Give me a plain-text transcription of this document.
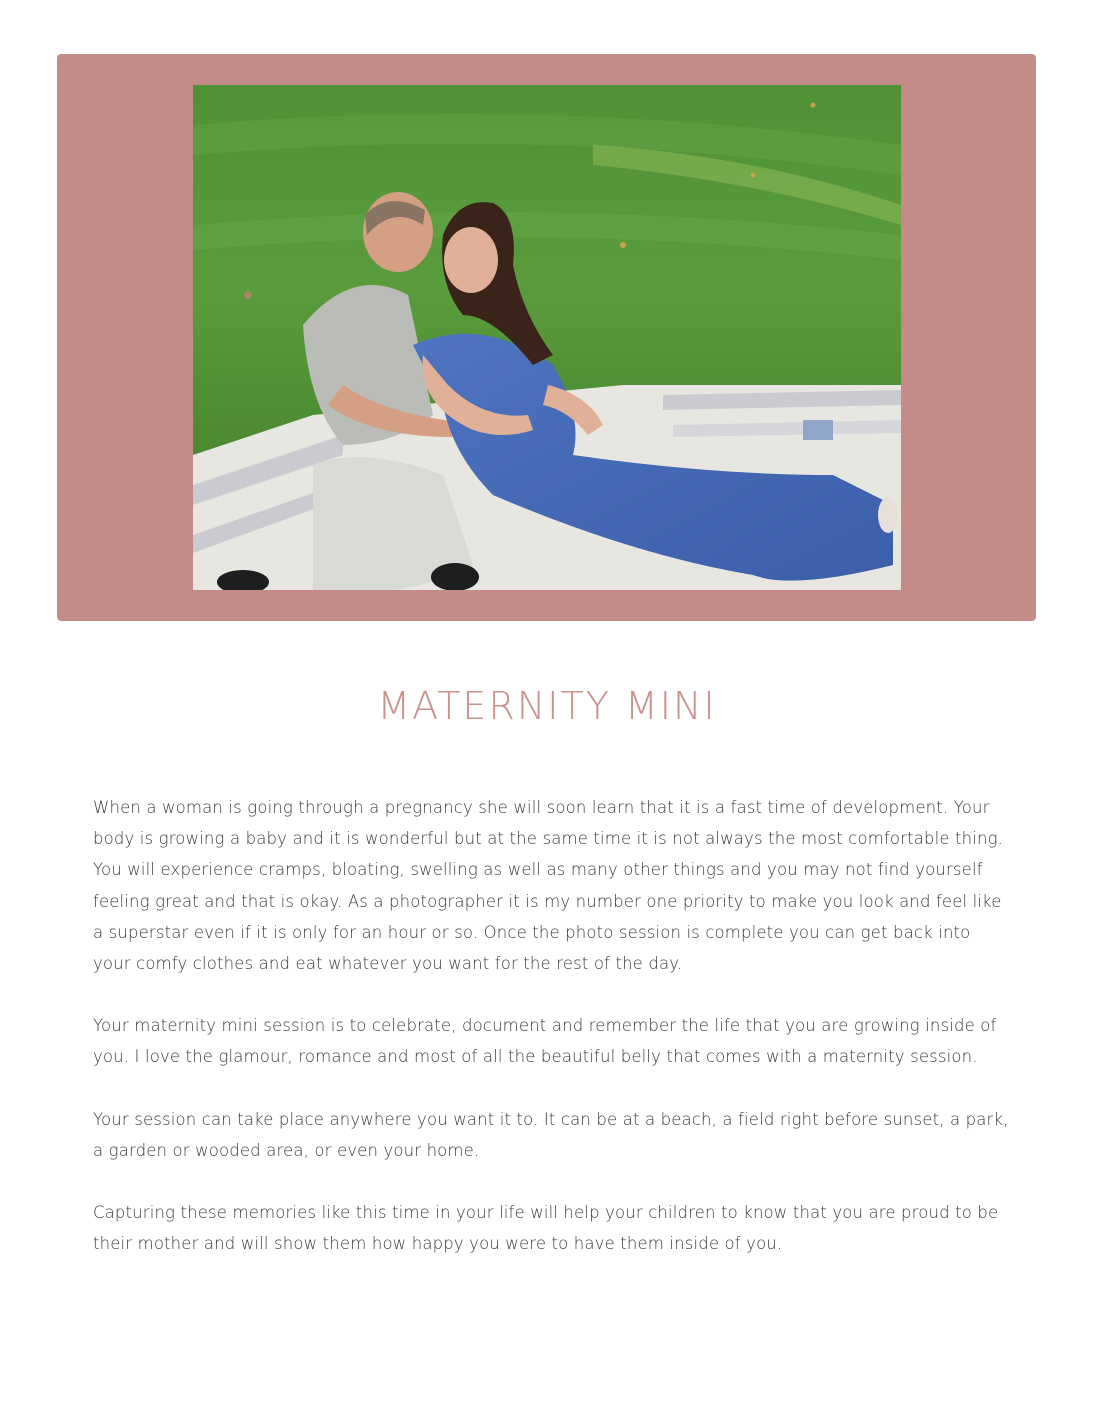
MATERNITY MINI

When a woman is going through a pregnancy she will soon learn that it is a fast time of development. Your body is growing a baby and it is wonderful but at the same time it is not always the most comfortable thing. You will experience cramps, bloating, swelling as well as many other things and you may not find yourself feeling great and that is okay. As a photographer it is my number one priority to make you look and feel like a superstar even if it is only for an hour or so. Once the photo session is complete you can get back into your comfy clothes and eat whatever you want for the rest of the day.

Your maternity mini session is to celebrate, document and remember the life that you are growing inside of you. I love the glamour, romance and most of all the beautiful belly that comes with a maternity session.

Your session can take place anywhere you want it to. It can be at a beach, a field right before sunset, a park, a garden or wooded area, or even your home.

Capturing these memories like this time in your life will help your children to know that you are proud to be their mother and will show them how happy you were to have them inside of you.
